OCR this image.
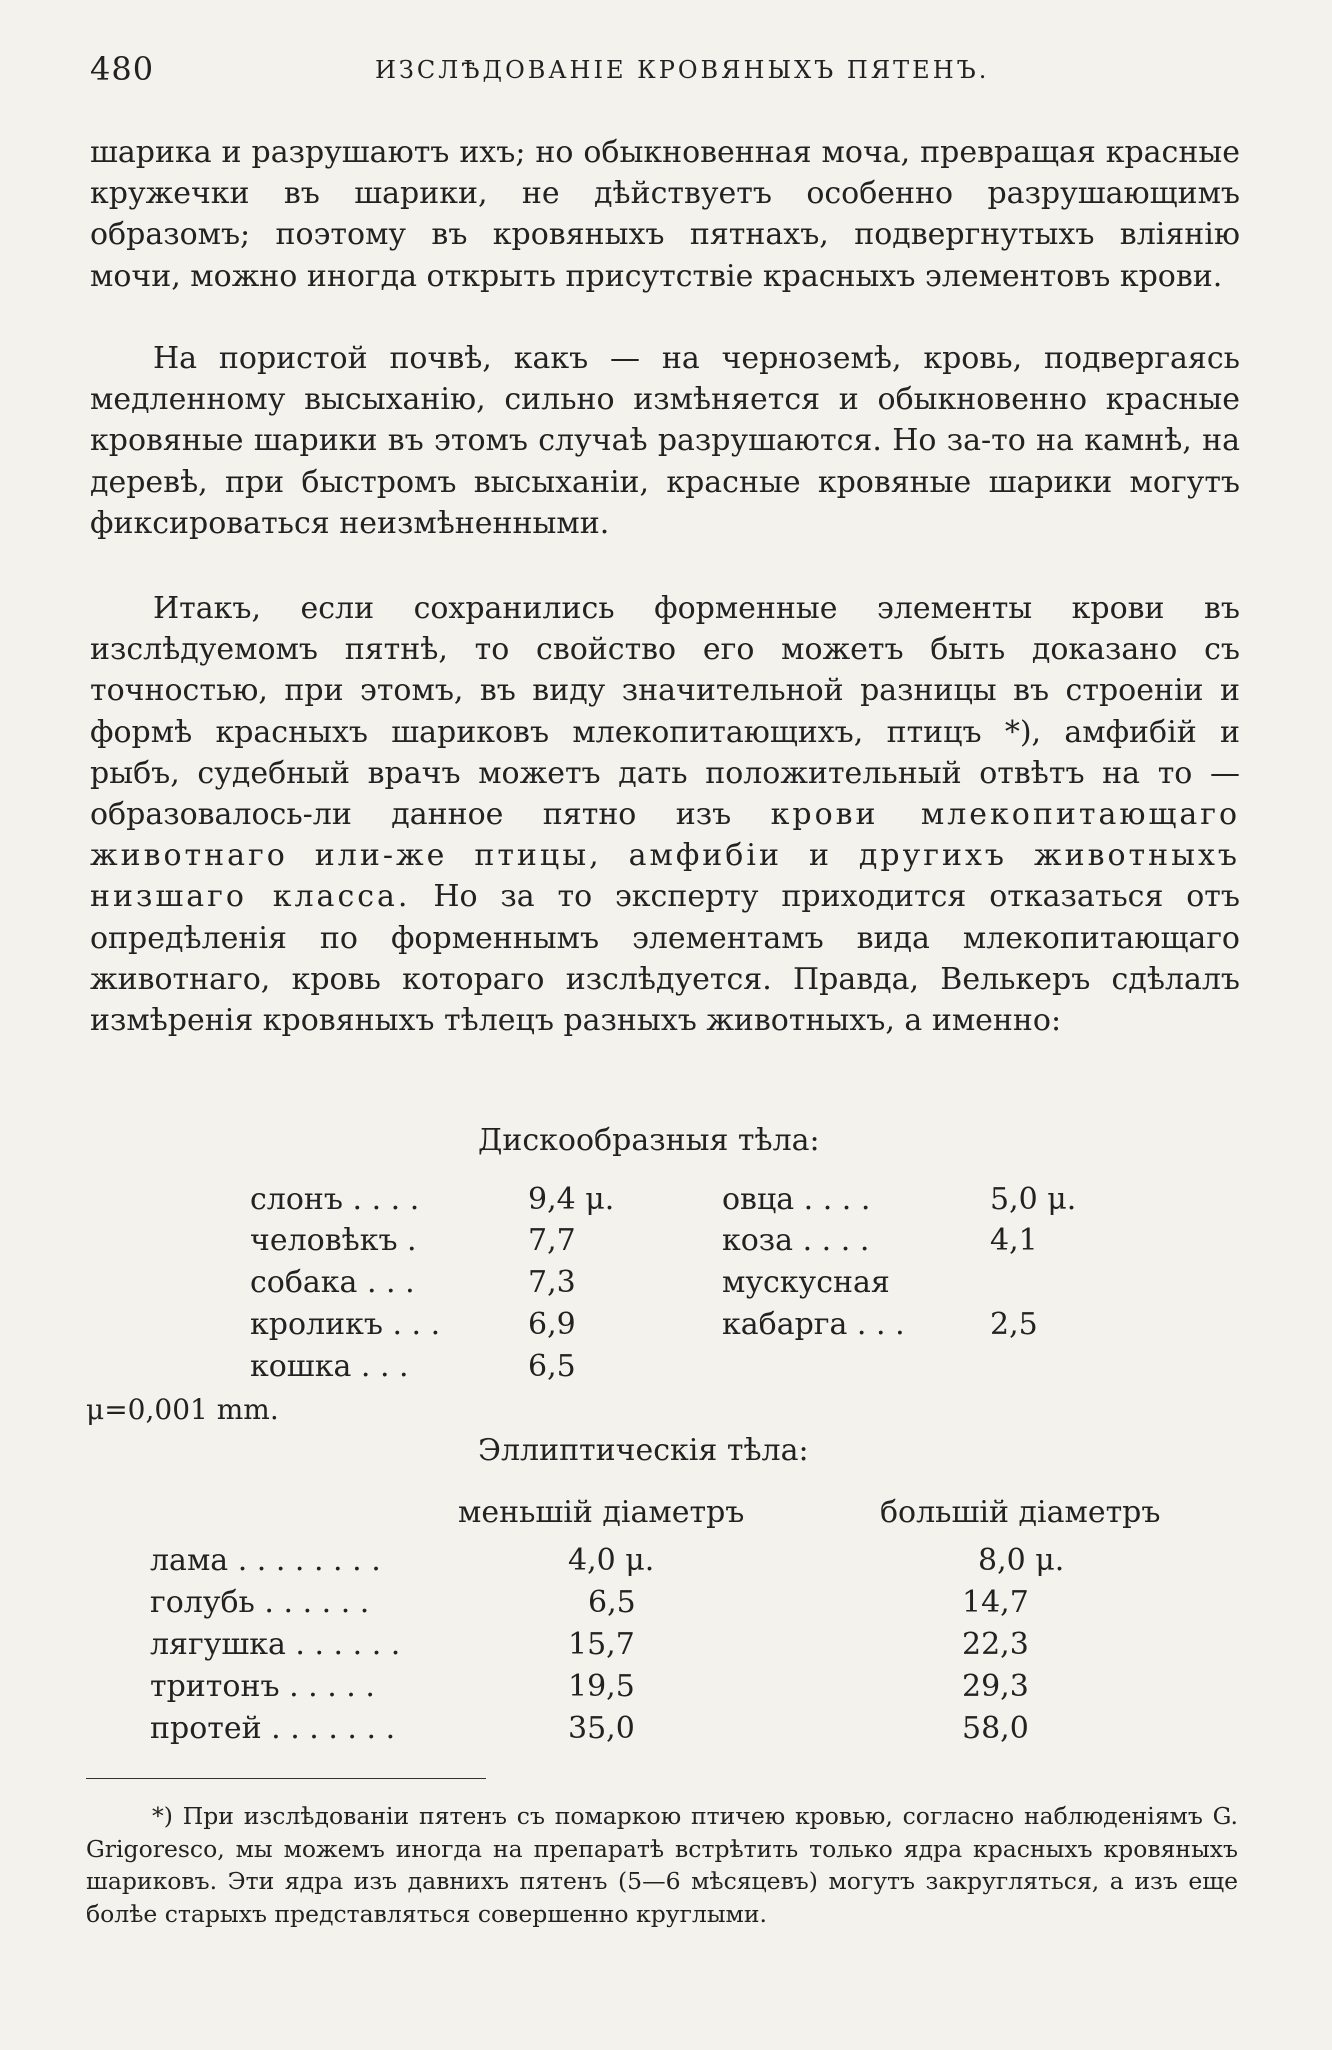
480	ИЗСЛѢДОВАНІЕ КРОВЯНЫХЪ ПЯТЕНЪ.
шарика и разрушаютъ ихъ; но обыкновенная моча, превращая красные кружечки въ шарики, не дѣйствуетъ особенно разрушающимъ образомъ; поэтому въ кровяныхъ пятнахъ, подвергнутыхъ вліянію мочи, можно иногда открыть присутствіе красныхъ элементовъ крови.
На пористой почвѣ, какъ — на черноземѣ, кровь, подвергаясь медленному высыханію, сильно измѣняется и обыкновенно красные кровяные шарики въ этомъ случаѣ разрушаются. Но за-то на камнѣ, на деревѣ, при быстромъ высыханіи, красные кровяные шарики могутъ фиксироваться неизмѣненными.
Итакъ, если сохранились форменные элементы крови въ изслѣдуемомъ пятнѣ, то свойство его можетъ быть доказано съ точностью, при этомъ, въ виду значительной разницы въ строеніи и формѣ красныхъ шариковъ млекопитающихъ, птицъ *), амфибій и рыбъ, судебный врачъ можетъ дать положительный отвѣтъ на то — образовалось-ли данное пятно изъ крови млекопитающаго животнаго или-же птицы, амфибіи и другихъ животныхъ низшаго класса. Но за то эксперту приходится отказаться отъ опредѣленія по форменнымъ элементамъ вида млекопитающаго животнаго, кровь котораго изслѣдуется. Правда, Велькеръ сдѣлалъ измѣренія кровяныхъ тѣлецъ разныхъ животныхъ, а именно:
Дискообразныя тѣла:
слонъ . . . .	9,4 μ.
человѣкъ .	7,7
собака . . .	7,3
кроликъ . . .	6,9
кошка . . .	6,5
овца . . . .	5,0 μ.
коза . . . .	4,1
мускусная
кабарга . . .	2,5
μ=0,001 mm.
Эллиптическія тѣла:
меньшій діаметръ	большій діаметръ
лама . . . . . . . .	4,0 μ.	8,0 μ.
голубь . . . . . .	6,5	14,7
лягушка . . . . . .	15,7	22,3
тритонъ . . . . .	19,5	29,3
протей . . . . . . .	35,0	58,0
*) При изслѣдованіи пятенъ съ помаркою птичею кровью, согласно наблюденіямъ G. Grigorescо, мы можемъ иногда на препаратѣ встрѣтить только ядра красныхъ кровяныхъ шариковъ. Эти ядра изъ давнихъ пятенъ (5—6 мѣсяцевъ) могутъ закругляться, а изъ еще болѣе старыхъ представляться совершенно круглыми.
